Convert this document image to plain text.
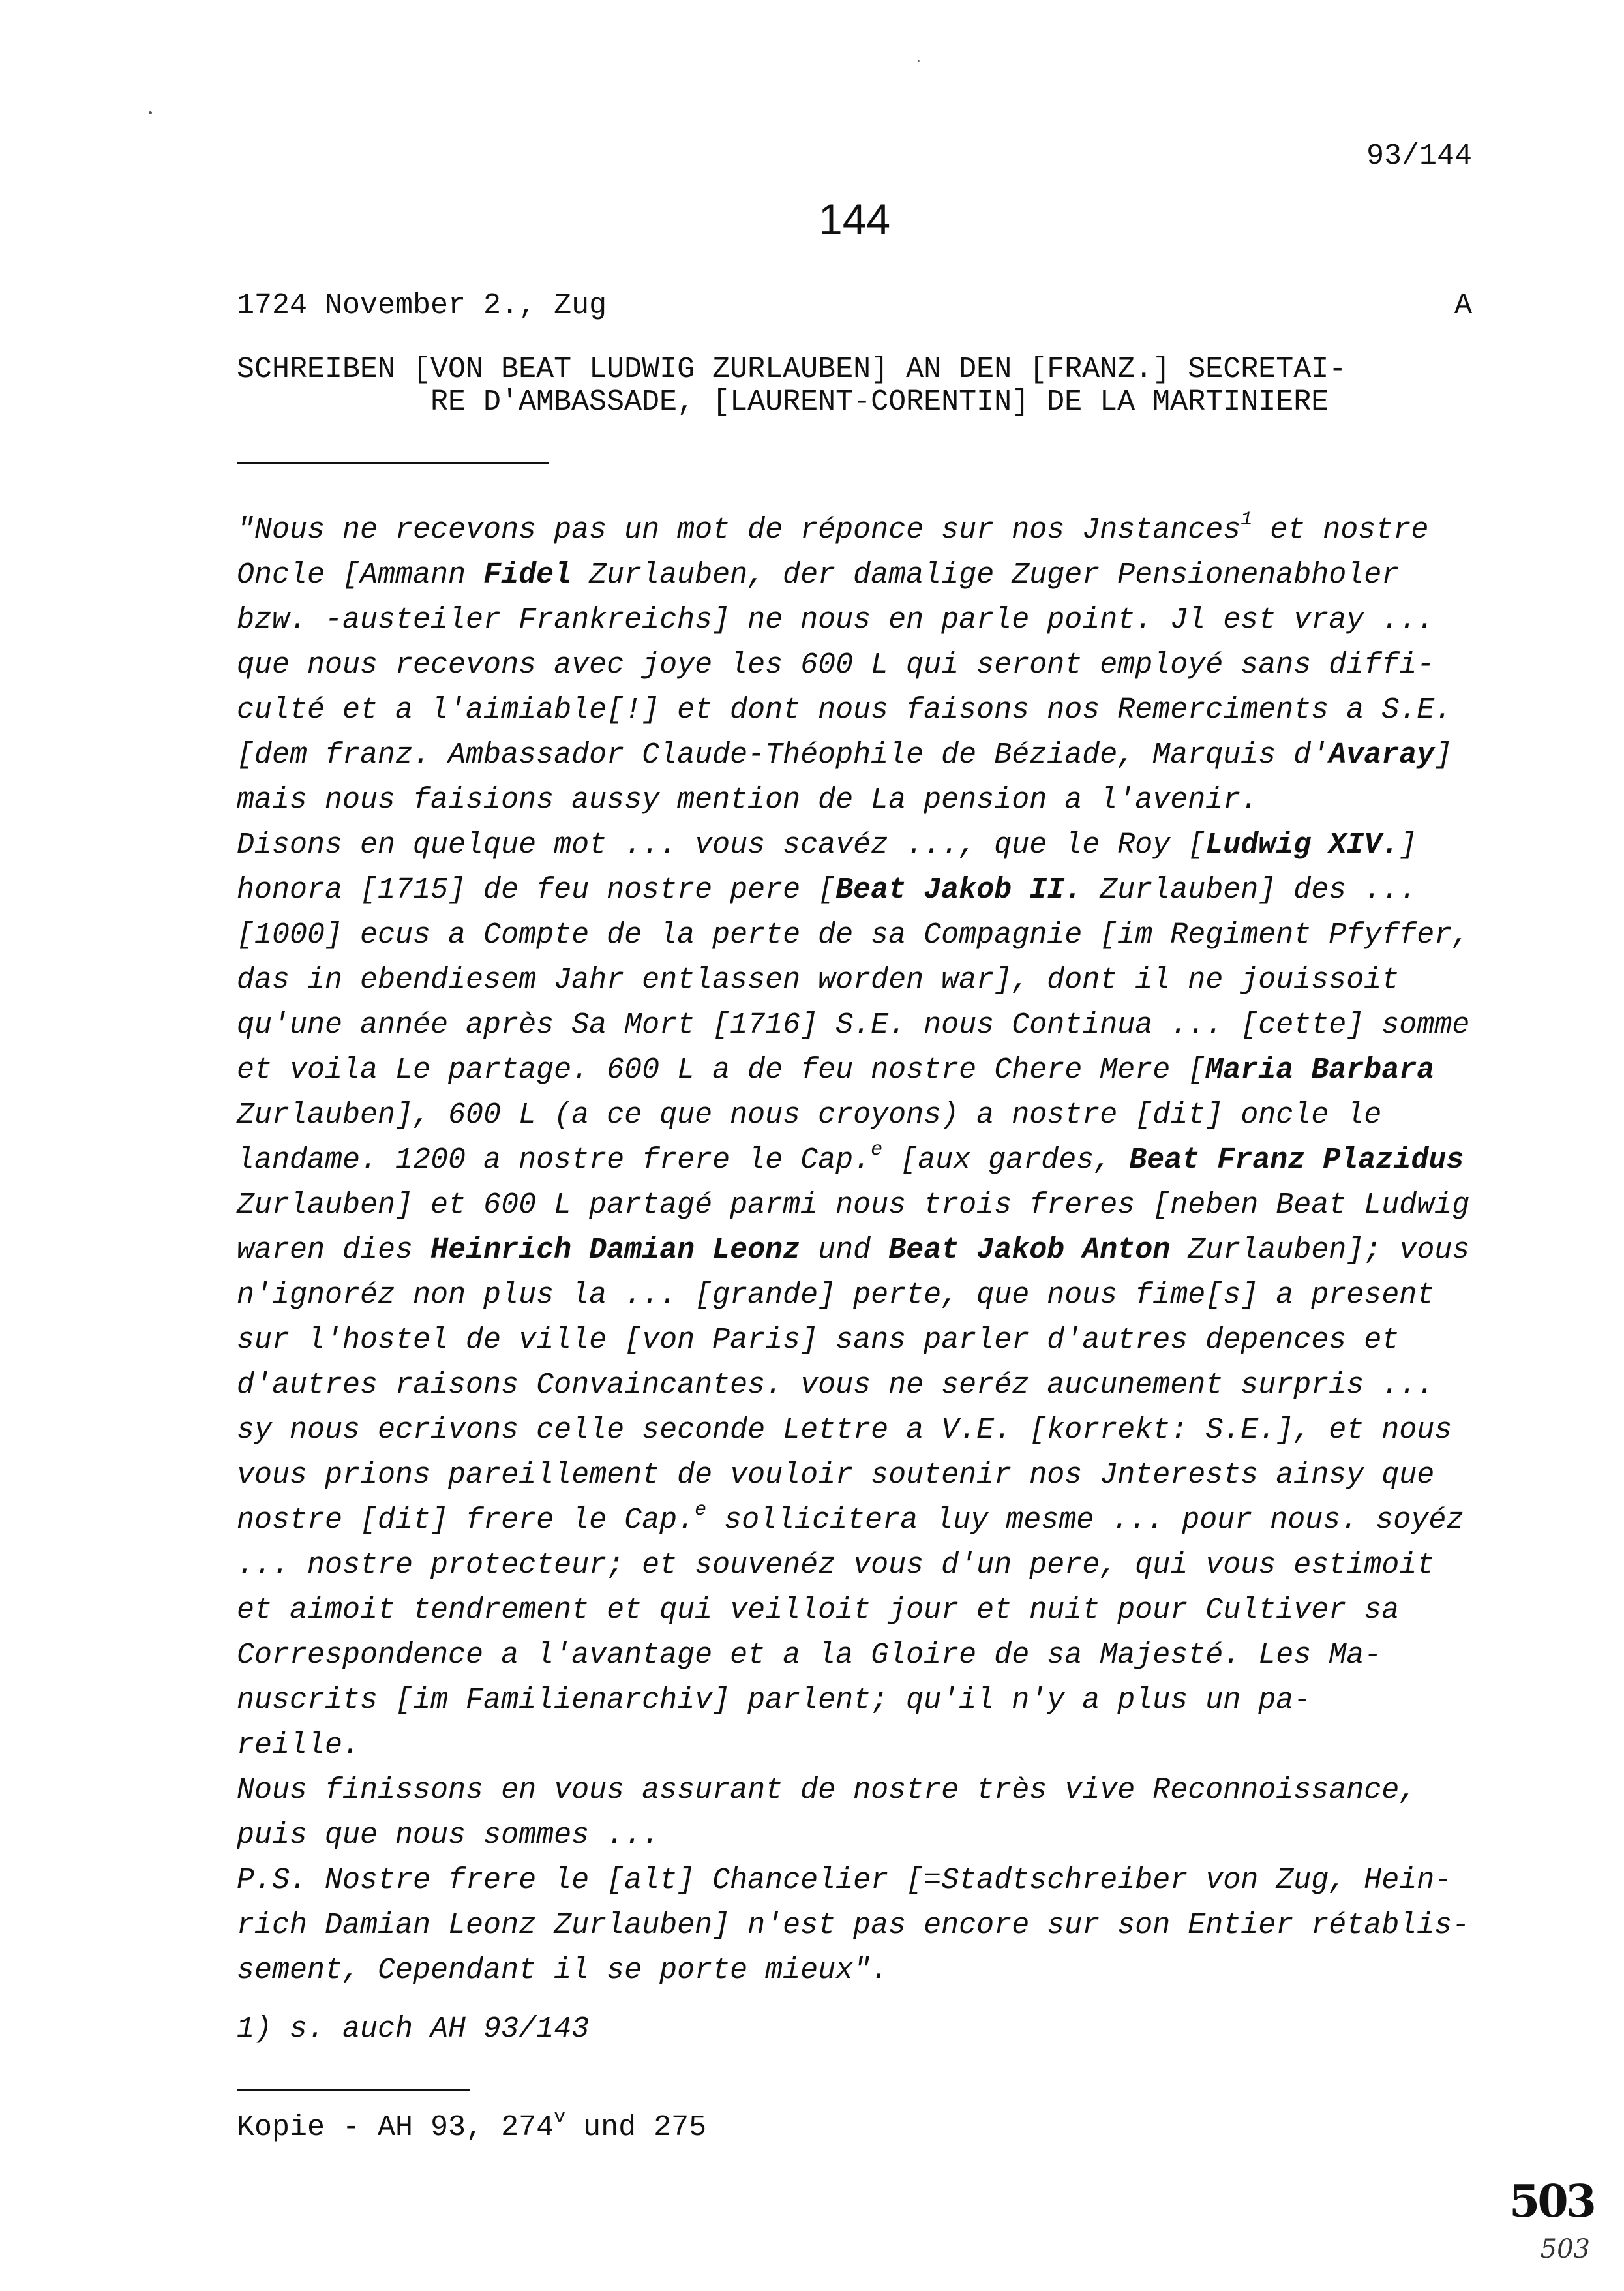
93/144
144
1724 November 2., Zug	A
SCHREIBEN [VON BEAT LUDWIG ZURLAUBEN] AN DEN [FRANZ.] SECRETAI-
RE D'AMBASSADE, [LAURENT-CORENTIN] DE LA MARTINIERE
"Nous ne recevons pas un mot de réponce sur nos Jnstances$^1$ et nostre
Oncle [Ammann Fidel Zurlauben, der damalige Zuger Pensionenabholer
bzw. -austeiler Frankreichs] ne nous en parle point. Jl est vray ...
que nous recevons avec joye les 600 L qui seront employé sans diffi-
culté et a l'aimiable[!] et dont nous faisons nos Remerciments a S.E.
[dem franz. Ambassador Claude-Théophile de Béziade, Marquis d'Avaray]
mais nous faisions aussy mention de La pension a l'avenir.
Disons en quelque mot ... vous scavéz ..., que le Roy [Ludwig XIV.]
honora [1715] de feu nostre pere [Beat Jakob II. Zurlauben] des ...
[1000] ecus a Compte de la perte de sa Compagnie [im Regiment Pfyffer,
das in ebendiesem Jahr entlassen worden war], dont il ne jouissoit
qu'une année après Sa Mort [1716] S.E. nous Continua ... [cette] somme
et voila Le partage. 600 L a de feu nostre Chere Mere [Maria Barbara
Zurlauben], 600 L (a ce que nous croyons) a nostre [dit] oncle le
landame. 1200 a nostre frere le Cap.$^e$ [aux gardes, Beat Franz Plazidus
Zurlauben] et 600 L partagé parmi nous trois freres [neben Beat Ludwig
waren dies Heinrich Damian Leonz und Beat Jakob Anton Zurlauben]; vous
n'ignoréz non plus la ... [grande] perte, que nous fime[s] a present
sur l'hostel de ville [von Paris] sans parler d'autres depences et
d'autres raisons Convaincantes. vous ne seréz aucunement surpris ...
sy nous ecrivons celle seconde Lettre a V.E. [korrekt: S.E.], et nous
vous prions pareillement de vouloir soutenir nos Jnterests ainsy que
nostre [dit] frere le Cap.$^e$ sollicitera luy mesme ... pour nous. soyéz
... nostre protecteur; et souvenéz vous d'un pere, qui vous estimoit
et aimoit tendrement et qui veilloit jour et nuit pour Cultiver sa
Correspondence a l'avantage et a la Gloire de sa Majesté. Les Ma-
nuscrits [im Familienarchiv] parlent; qu'il n'y a plus un pa-
reille.
Nous finissons en vous assurant de nostre très vive Reconnoissance,
puis que nous sommes ...
P.S. Nostre frere le [alt] Chancelier [=Stadtschreiber von Zug, Hein-
rich Damian Leonz Zurlauben] n'est pas encore sur son Entier rétablis-
sement, Cependant il se porte mieux".
1) s. auch AH 93/143
Kopie - AH 93, 274$^v$ und 275
503
503
